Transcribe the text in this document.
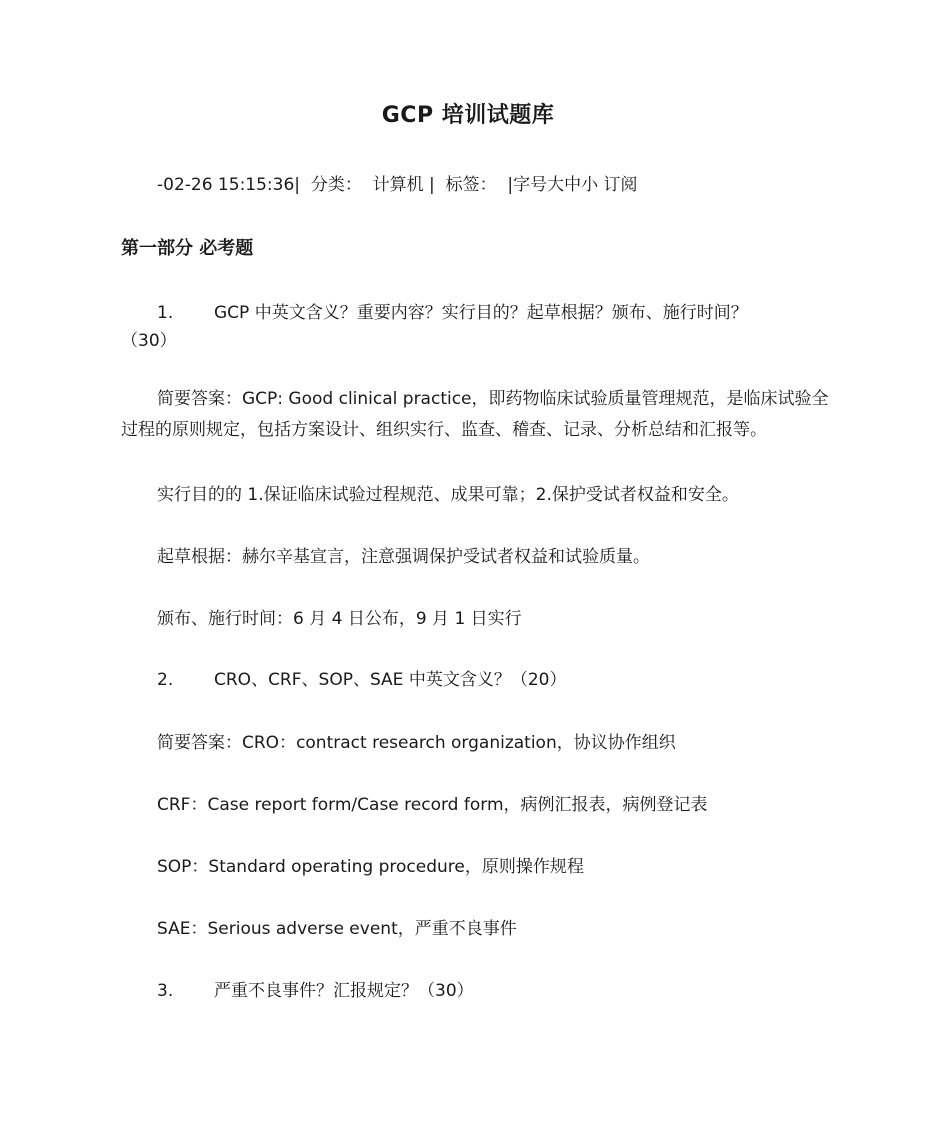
GCP 培训试题库
-02-26 15:15:36| 分类： 计算机 | 标签： |字号大中小 订阅
第一部分 必考题
1. GCP 中英文含义？重要内容？实行目的？起草根据？颁布、施行时间？
（30）
简要答案：GCP: Good clinical practice，即药物临床试验质量管理规范，是临床试验全过程的原则规定，包括方案设计、组织实行、监查、稽查、记录、分析总结和汇报等。
实行目的的 1.保证临床试验过程规范、成果可靠；2.保护受试者权益和安全。
起草根据：赫尔辛基宣言，注意强调保护受试者权益和试验质量。
颁布、施行时间：6 月 4 日公布，9 月 1 日实行
2. CRO、CRF、SOP、SAE 中英文含义？（20）
简要答案：CRO：contract research organization，协议协作组织
CRF：Case report form/Case record form，病例汇报表，病例登记表
SOP：Standard operating procedure，原则操作规程
SAE：Serious adverse event，严重不良事件
3. 严重不良事件？汇报规定？（30）
